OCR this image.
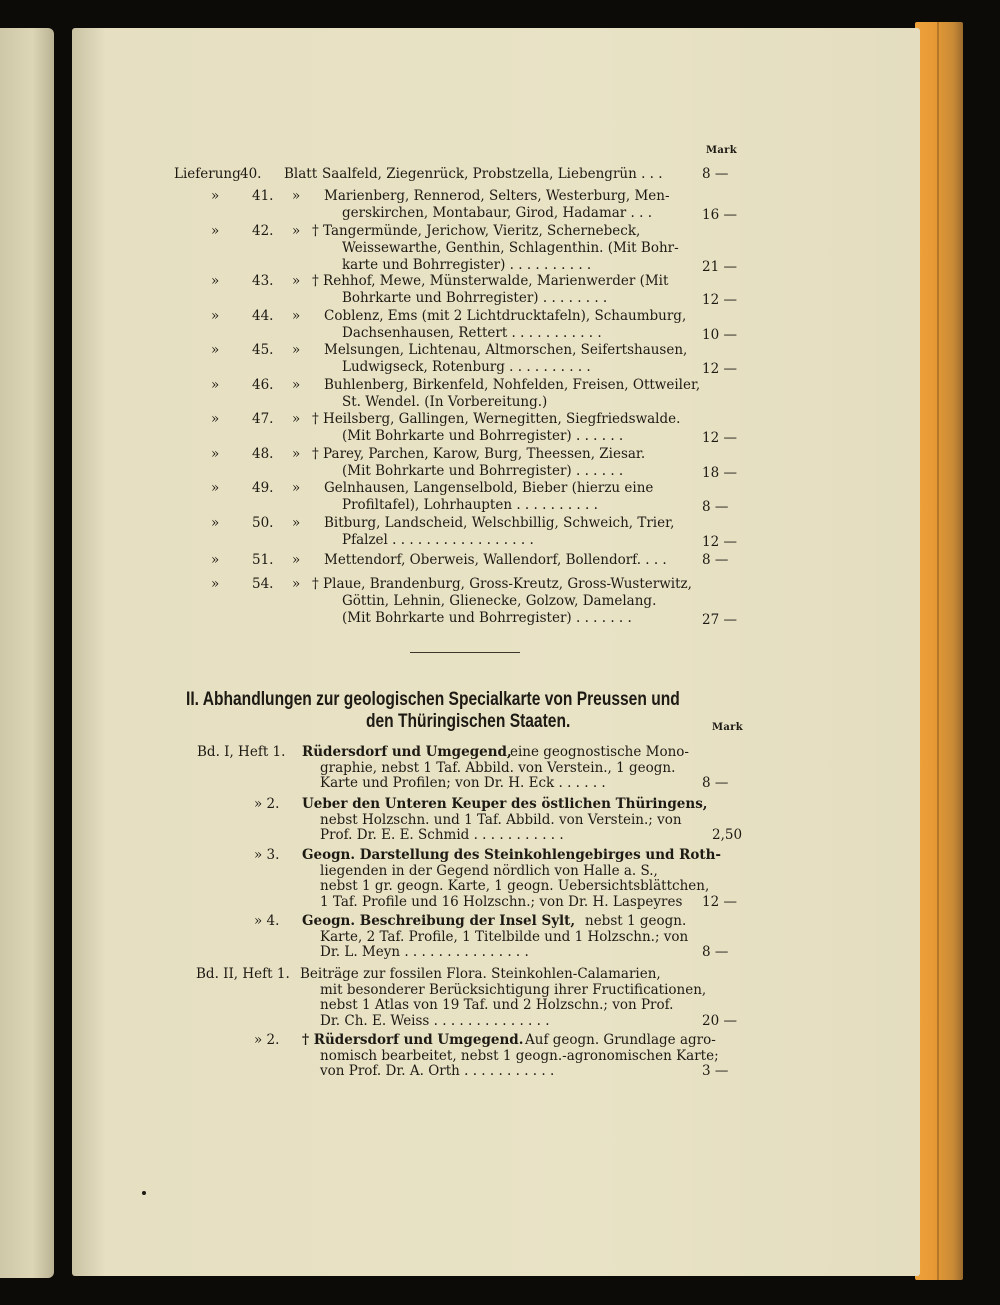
Mark
Lieferung 40. Blatt Saalfeld, Ziegenrück, Probstzella, Liebengrün . . .	8 —
» 41. » Marienberg, Rennerod, Selters, Westerburg, Men-
gerskirchen, Montabaur, Girod, Hadamar . . .	16 —
» 42. » † Tangermünde, Jerichow, Vieritz, Schernebeck,
Weissewarthe, Genthin, Schlagenthin. (Mit Bohr-
karte und Bohrregister) . . . . . . . . . .	21 —
» 43. » † Rehhof, Mewe, Münsterwalde, Marienwerder (Mit
Bohrkarte und Bohrregister) . . . . . . . .	12 —
» 44. » Coblenz, Ems (mit 2 Lichtdrucktafeln), Schaumburg,
Dachsenhausen, Rettert . . . . . . . . . . .	10 —
» 45. » Melsungen, Lichtenau, Altmorschen, Seifertshausen,
Ludwigseck, Rotenburg . . . . . . . . . .	12 —
» 46. » Buhlenberg, Birkenfeld, Nohfelden, Freisen, Ottweiler,
St. Wendel. (In Vorbereitung.)
» 47. » † Heilsberg, Gallingen, Wernegitten, Siegfriedswalde.
(Mit Bohrkarte und Bohrregister) . . . . . .	12 —
» 48. » † Parey, Parchen, Karow, Burg, Theessen, Ziesar.
(Mit Bohrkarte und Bohrregister) . . . . . .	18 —
» 49. » Gelnhausen, Langenselbold, Bieber (hierzu eine
Profiltafel), Lohrhaupten . . . . . . . . . .	8 —
» 50. » Bitburg, Landscheid, Welschbillig, Schweich, Trier,
Pfalzel . . . . . . . . . . . . . . . . .	12 —
» 51. » Mettendorf, Oberweis, Wallendorf, Bollendorf. . . .	8 —
» 54. » † Plaue, Brandenburg, Gross-Kreutz, Gross-Wusterwitz,
Göttin, Lehnin, Glienecke, Golzow, Damelang.
(Mit Bohrkarte und Bohrregister) . . . . . . .	27 —
II. Abhandlungen zur geologischen Specialkarte von Preussen und
den Thüringischen Staaten.	Mark
Bd. I, Heft 1. Rüdersdorf und Umgegend,
eine geognostische Mono-
graphie, nebst 1 Taf. Abbild. von Verstein., 1 geogn.
Karte und Profilen; von Dr. H. Eck . . . . . .	8 —
» 2. Ueber den Unteren Keuper des östlichen Thüringens,
nebst Holzschn. und 1 Taf. Abbild. von Verstein.; von
Prof. Dr. E. E. Schmid . . . . . . . . . . .	2,50
» 3. Geogn. Darstellung des Steinkohlengebirges und Roth-
liegenden in der Gegend nördlich von Halle a. S.,
nebst 1 gr. geogn. Karte, 1 geogn. Uebersichtsblättchen,
1 Taf. Profile und 16 Holzschn.; von Dr. H. Laspeyres 12 —
» 4. Geogn. Beschreibung der Insel Sylt, nebst 1 geogn.
Karte, 2 Taf. Profile, 1 Titelbilde und 1 Holzschn.; von
Dr. L. Meyn . . . . . . . . . . . . . . .	8 —
Bd. II, Heft 1. Beiträge zur fossilen Flora. Steinkohlen-Calamarien,
mit besonderer Berücksichtigung ihrer Fructificationen,
nebst 1 Atlas von 19 Taf. und 2 Holzschn.; von Prof.
Dr. Ch. E. Weiss . . . . . . . . . . . . . .	20 —
» 2. † Rüdersdorf und Umgegend. Auf geogn. Grundlage agro-
nomisch bearbeitet, nebst 1 geogn.-agronomischen Karte;
von Prof. Dr. A. Orth . . . . . . . . . . .	3 —
